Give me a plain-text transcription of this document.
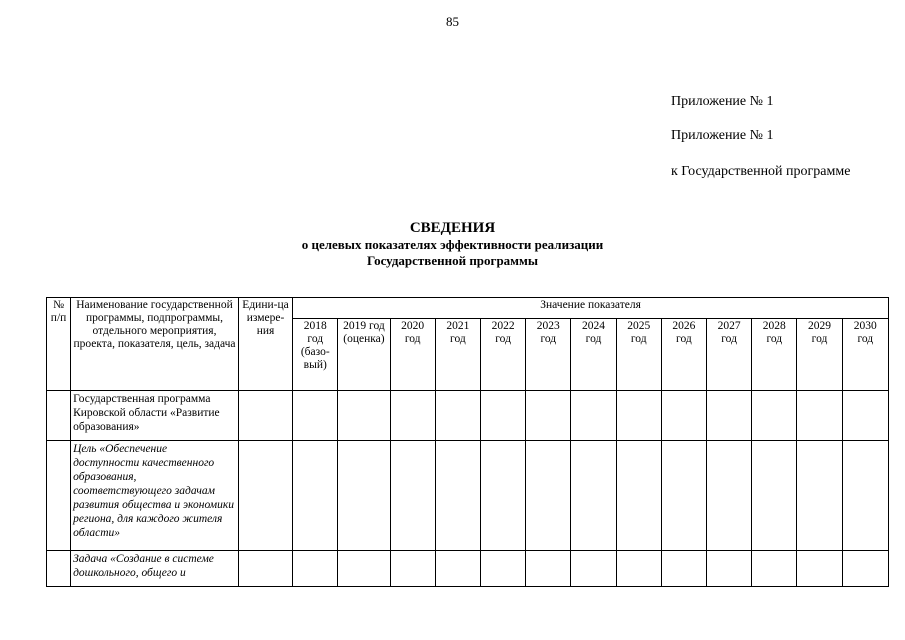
85
Приложение № 1
Приложение № 1
к Государственной программе
СВЕДЕНИЯ
о целевых показателях эффективности реализации
Государственной программы
№ п/п	Наименование государственной программы, подпрограммы, отдельного мероприятия, проекта, показателя, цель, задача	Едини-ца измере-ния	Значение показателя												
			2018 год (базо-вый)	2019 год (оценка)	2020 год	2021 год	2022 год	2023 год	2024 год	2025 год	2026 год	2027 год	2028 год	2029 год	2030 год
	Государственная программа Кировской области «Развитие образования»														
	Цель «Обеспечение доступности качественного образования, соответствующего задачам развития общества и экономики региона, для каждого жителя области»														
	Задача «Создание в системе дошкольного, общего и														
